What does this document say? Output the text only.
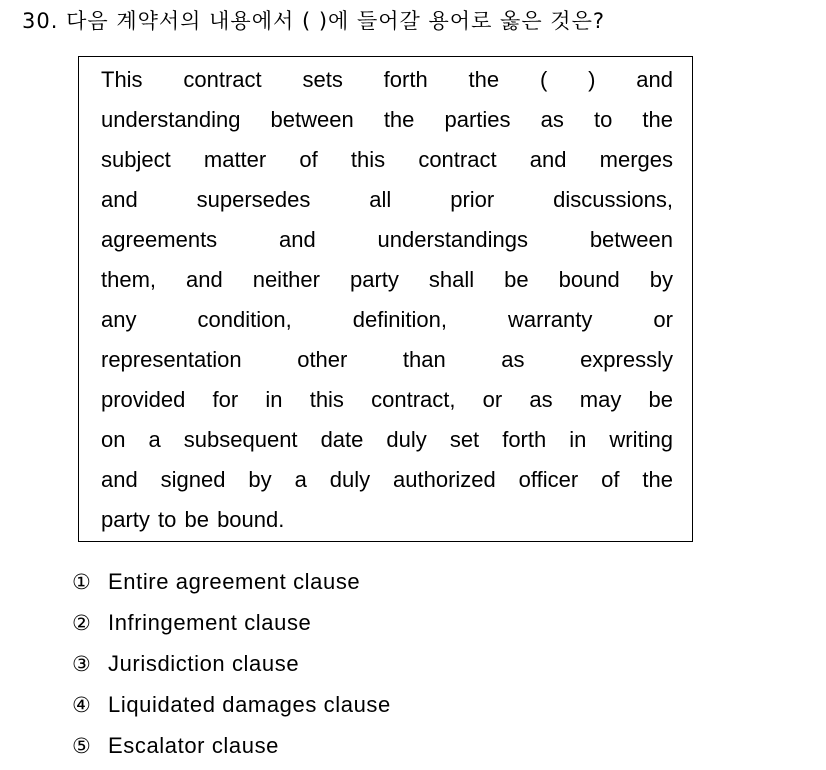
30. 다음 계약서의 내용에서 ( )에 들어갈 용어로 옳은 것은?
This contract sets forth the ( ) and
understanding between the parties as to the
subject matter of this contract and merges
and supersedes all prior discussions,
agreements and understandings between
them, and neither party shall be bound by
any condition, definition, warranty or
representation other than as expressly
provided for in this contract, or as may be
on a subsequent date duly set forth in writing
and signed by a duly authorized officer of the
party to be bound.
① Entire agreement clause
② Infringement clause
③ Jurisdiction clause
④ Liquidated damages clause
⑤ Escalator clause
